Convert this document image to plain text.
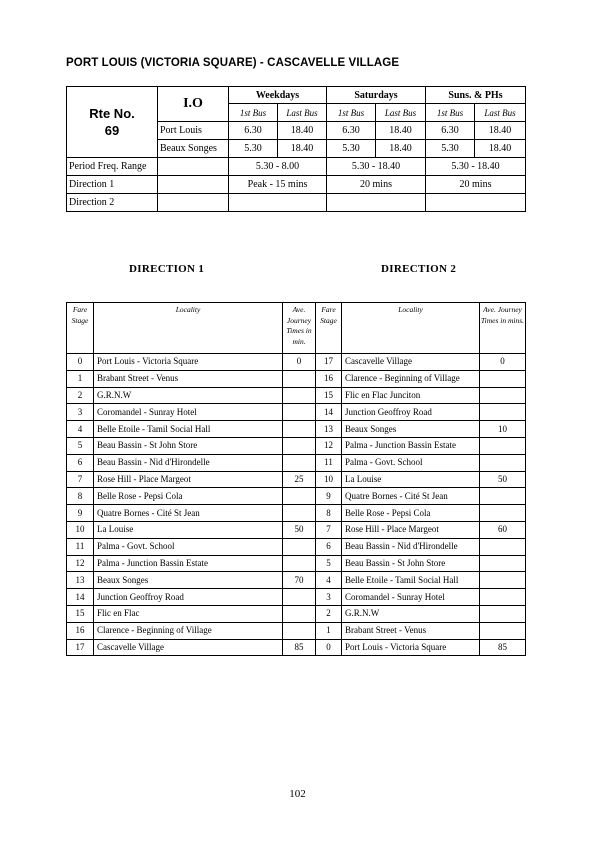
PORT LOUIS (VICTORIA SQUARE) - CASCAVELLE VILLAGE
Rte No.
69	I.O	Weekdays		Saturdays		Suns. & PHs	
		1st Bus	Last Bus	1st Bus	Last Bus	1st Bus	Last Bus
	Port Louis	6.30	18.40	6.30	18.40	6.30	18.40
	Beaux Songes	5.30	18.40	5.30	18.40	5.30	18.40
Period Freq. Range		5.30 - 8.00		5.30 - 18.40		5.30 - 18.40	
Direction 1		Peak - 15 mins		20 mins		20 mins	
Direction 2							
DIRECTION 1	DIRECTION 2
Fare Stage	Locality	Ave. Journey Times in min.	Fare Stage	Locality	Ave. Journey Times in mins.
0	Port Louis - Victoria Square	0	17	Cascavelle Village	0
1	Brabant Street - Venus		16	Clarence - Beginning of Village	
2	G.R.N.W		15	Flic en Flac Junciton	
3	Coromandel - Sunray Hotel		14	Junction Geoffroy Road	
4	Belle Etoile - Tamil Social Hall		13	Beaux Songes	10
5	Beau Bassin - St John Store		12	Palma - Junction Bassin Estate	
6	Beau Bassin - Nid d'Hirondelle		11	Palma - Govt. School	
7	Rose Hill - Place Margeot	25	10	La Louise	50
8	Belle Rose - Pepsi Cola		9	Quatre Bornes - Cité St Jean	
9	Quatre Bornes - Cité St Jean		8	Belle Rose - Pepsi Cola	
10	La Louise	50	7	Rose Hill - Place Margeot	60
11	Palma - Govt. School		6	Beau Bassin - Nid d'Hirondelle	
12	Palma - Junction Bassin Estate		5	Beau Bassin - St John Store	
13	Beaux Songes	70	4	Belle Etoile - Tamil Social Hall	
14	Junction Geoffroy Road		3	Coromandel - Sunray Hotel	
15	Flic en Flac		2	G.R.N.W	
16	Clarence - Beginning of Village		1	Brabant Street - Venus	
17	Cascavelle Village	85	0	Port Louis - Victoria Square	85
102
